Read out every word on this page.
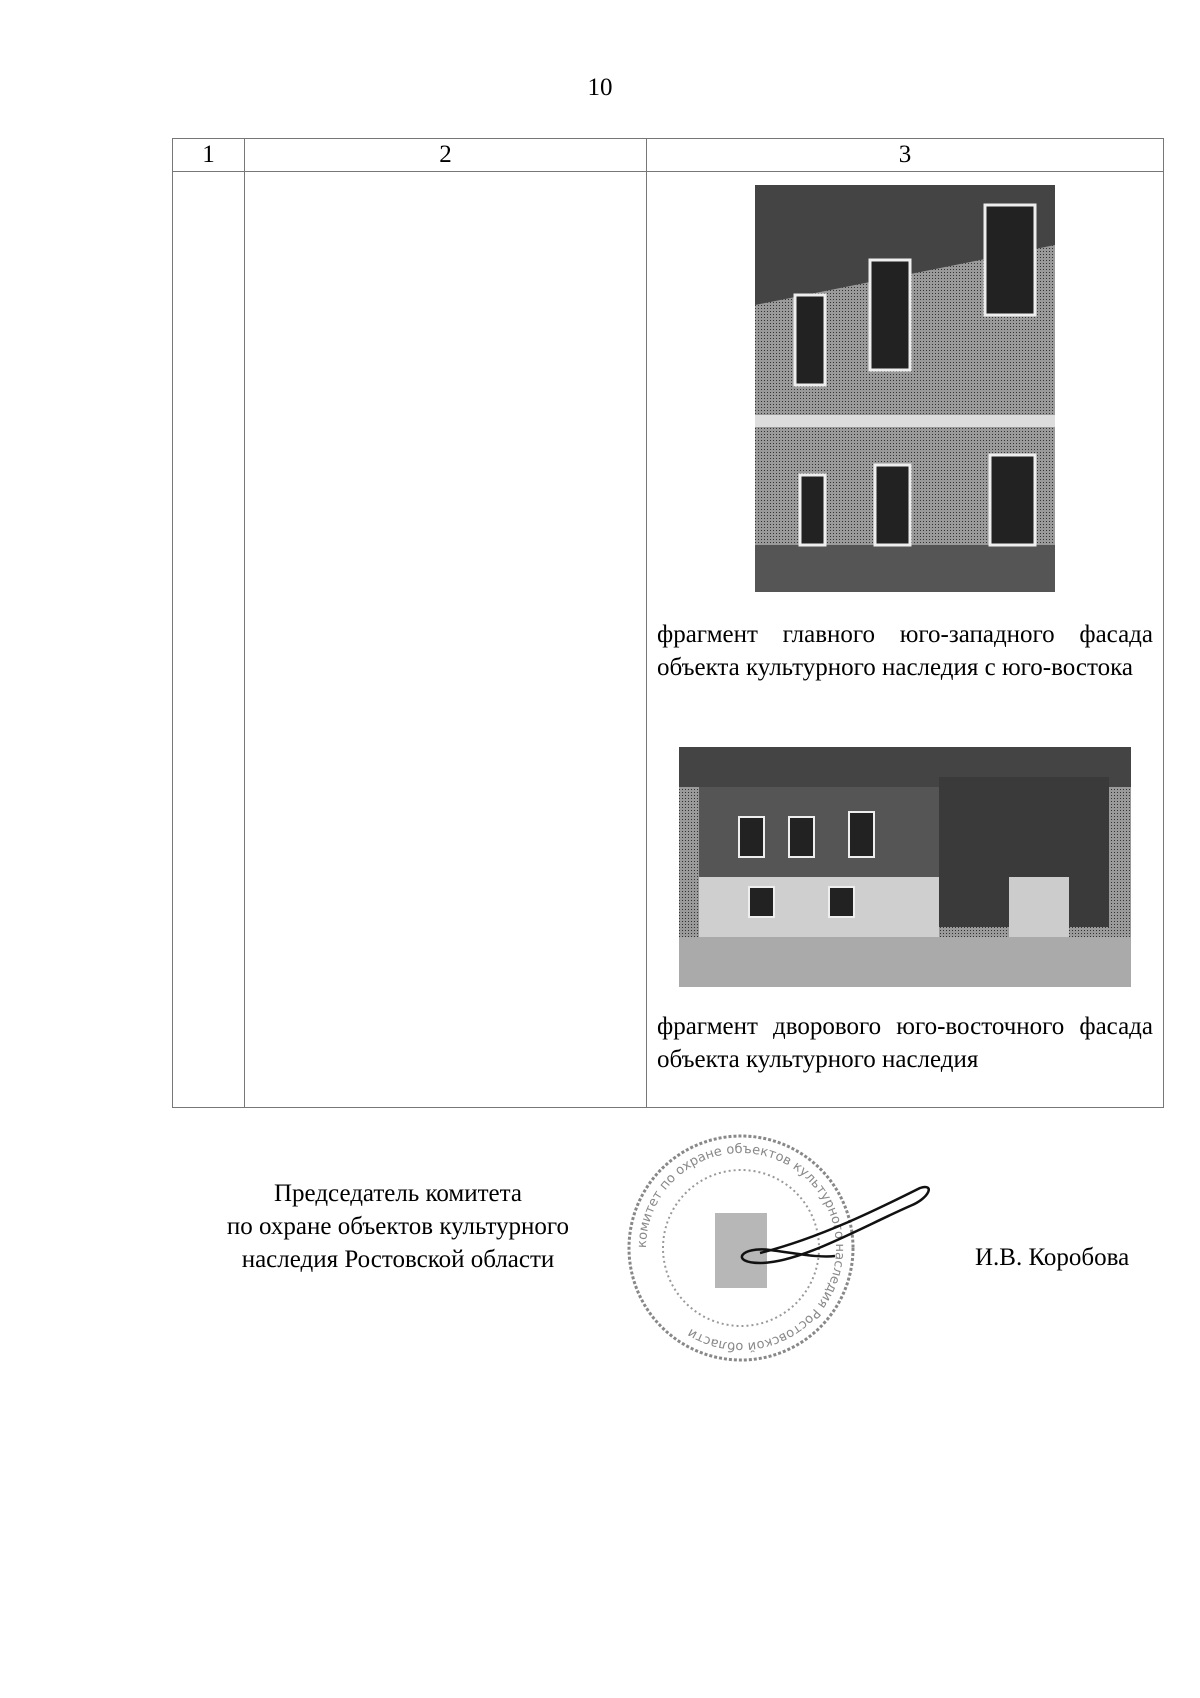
10
1	2	3

фрагмент главного юго-западного фасада объекта культурного наследия с юго-востока
фрагмент дворового юго-восточного фасада объекта культурного наследия
Председатель комитета
по охране объектов культурного
наследия Ростовской области
комитет по охране объектов культурного наследия Ростовской области
И.В. Коробова
